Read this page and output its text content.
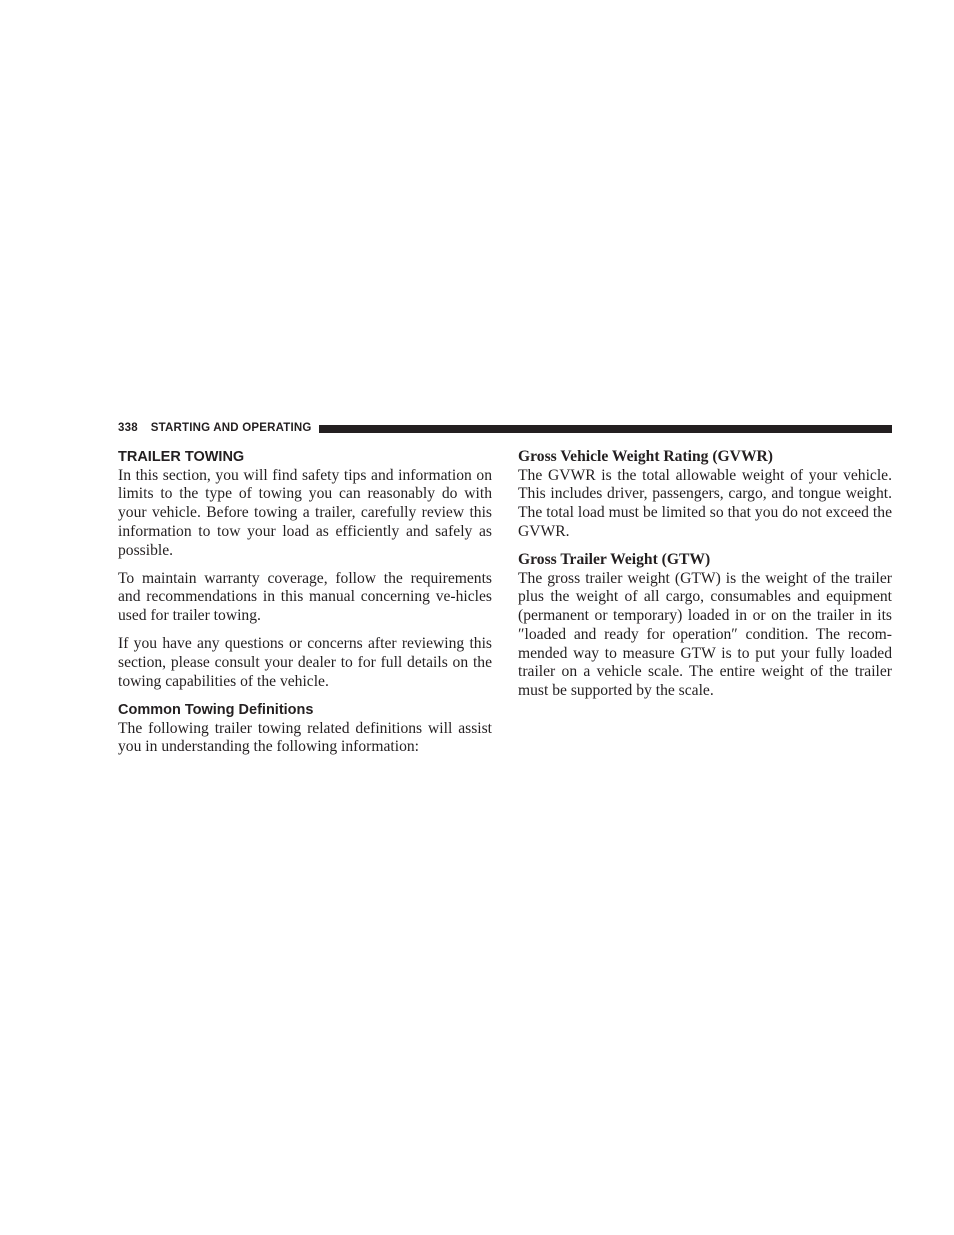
338 STARTING AND OPERATING
TRAILER TOWING

In this section, you will find safety tips and information on limits to the type of towing you can reasonably do with your vehicle. Before towing a trailer, carefully review this information to tow your load as efficiently and safely as possible.

To maintain warranty coverage, follow the requirements and recommendations in this manual concerning ve-hicles used for trailer towing.

If you have any questions or concerns after reviewing this section, please consult your dealer to for full details on the towing capabilities of the vehicle.

Common Towing Definitions

The following trailer towing related definitions will assist you in understanding the following information:

Gross Vehicle Weight Rating (GVWR)

The GVWR is the total allowable weight of your vehicle. This includes driver, passengers, cargo, and tongue weight. The total load must be limited so that you do not exceed the GVWR.

Gross Trailer Weight (GTW)

The gross trailer weight (GTW) is the weight of the trailer plus the weight of all cargo, consumables and equipment (permanent or temporary) loaded in or on the trailer in its ″loaded and ready for operation″ condition. The recom-mended way to measure GTW is to put your fully loaded trailer on a vehicle scale. The entire weight of the trailer must be supported by the scale.
